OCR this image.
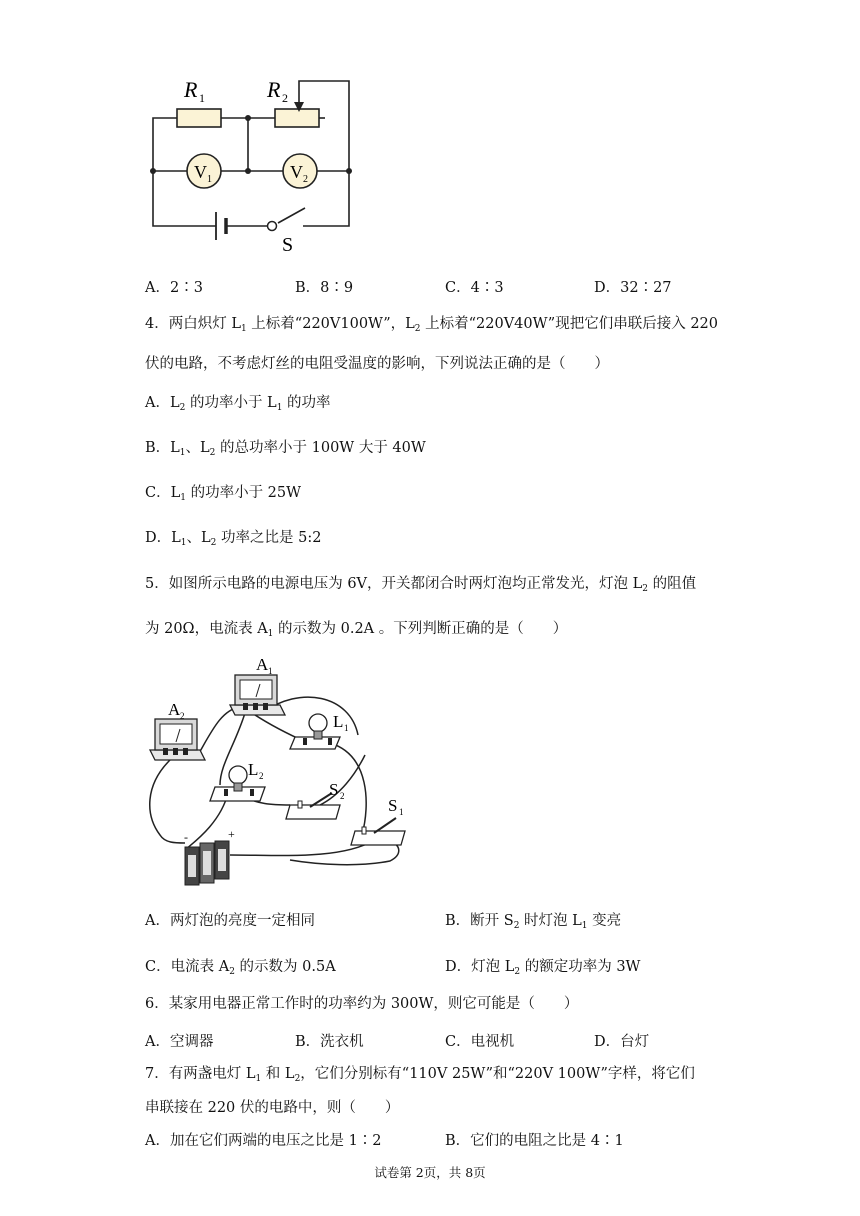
R 1	R 2
V 1	V 2
S
A．2∶3	B．8∶9	C．4∶3	D．32∶27
4．两白炽灯 $L_1$ 上标着“220V100W”，$L_2$ 上标着“220V40W”现把它们串联后接入 220
伏的电路，不考虑灯丝的电阻受温度的影响，下列说法正确的是（　　）
A．$L_2$ 的功率小于 $L_1$ 的功率
B．$L_1$、$L_2$ 的总功率小于 100W 大于 40W
C．$L_1$ 的功率小于 25W
D．$L_1$、$L_2$ 功率之比是 5:2
5．如图所示电路的电源电压为 6V，开关都闭合时两灯泡均正常发光，灯泡 $L_2$ 的阻值
为 20Ω，电流表 $A_1$ 的示数为 0.2A 。下列判断正确的是（　　）
A 1
A 2	L 1
L 2
S 2	S 1
-	+
A．两灯泡的亮度一定相同	B．断开 $S_2$ 时灯泡 $L_1$ 变亮
C．电流表 $A_2$ 的示数为 0.5A	D．灯泡 $L_2$ 的额定功率为 3W
6．某家用电器正常工作时的功率约为 300W，则它可能是（　　）
A．空调器	B．洗衣机	C．电视机	D．台灯
7．有两盏电灯 $L_1$ 和 $L_2$，它们分别标有“110V 25W”和“220V 100W”字样，将它们
串联接在 220 伏的电路中，则（　　）
A．加在它们两端的电压之比是 1∶2	B．它们的电阻之比是 4∶1
试卷第 2页，共 8页
